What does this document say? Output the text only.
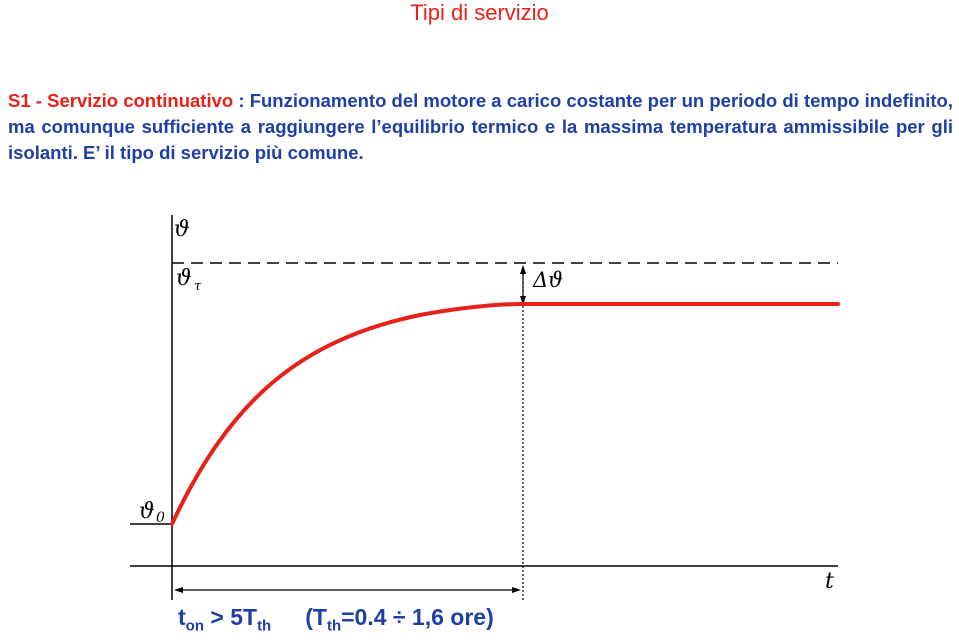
Tipi di servizio
S1 - Servizio continuativo : Funzionamento del motore a carico costante per un periodo di tempo indefinito, ma comunque sufficiente a raggiungere l’equilibrio termico e la massima temperatura ammissibile per gli isolanti. E’ il tipo di servizio più comune.
ϑ
ϑ τ
ϑ 0
Δϑ
t
$t_{on} > 5T_{th}$ ($T_{th}=0.4 \div 1,6$ ore)
